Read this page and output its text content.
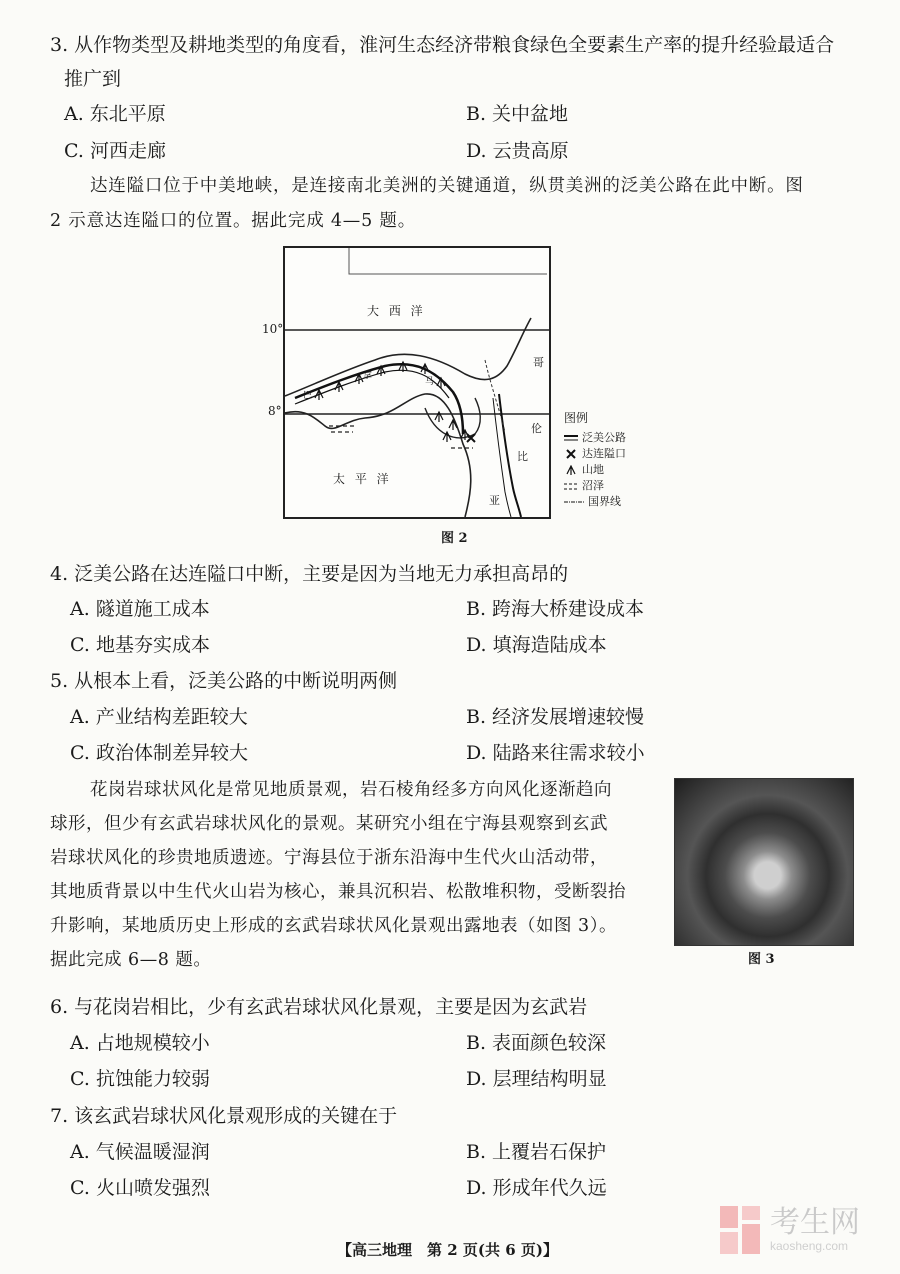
3. 从作物类型及耕地类型的角度看，淮河生态经济带粮食绿色全要素生产率的提升经验最适合
推广到
A. 东北平原	B. 关中盆地
C. 河西走廊	D. 云贵高原
达连隘口位于中美地峡，是连接南北美洲的关键通道，纵贯美洲的泛美公路在此中断。图
2 示意达连隘口的位置。据此完成 4—5 题。
大 西 洋
太 平 洋
哥
伦
比
亚
巴
拿
马
10°
8°	图例
泛美公路
达连隘口
山地
沼泽
国界线
图 2
4. 泛美公路在达连隘口中断，主要是因为当地无力承担高昂的
A. 隧道施工成本	B. 跨海大桥建设成本
C. 地基夯实成本	D. 填海造陆成本
5. 从根本上看，泛美公路的中断说明两侧
A. 产业结构差距较大	B. 经济发展增速较慢
C. 政治体制差异较大	D. 陆路来往需求较小
花岗岩球状风化是常见地质景观，岩石棱角经多方向风化逐渐趋向
球形，但少有玄武岩球状风化的景观。某研究小组在宁海县观察到玄武
岩球状风化的珍贵地质遗迹。宁海县位于浙东沿海中生代火山活动带，
其地质背景以中生代火山岩为核心，兼具沉积岩、松散堆积物，受断裂抬
升影响，某地质历史上形成的玄武岩球状风化景观出露地表（如图 3）。
据此完成 6—8 题。	图 3
6. 与花岗岩相比，少有玄武岩球状风化景观，主要是因为玄武岩
A. 占地规模较小	B. 表面颜色较深
C. 抗蚀能力较弱	D. 层理结构明显
7. 该玄武岩球状风化景观形成的关键在于
A. 气候温暖湿润	B. 上覆岩石保护
C. 火山喷发强烈	D. 形成年代久远
【高三地理　第 2 页(共 6 页)】
考生网
kaosheng.com
